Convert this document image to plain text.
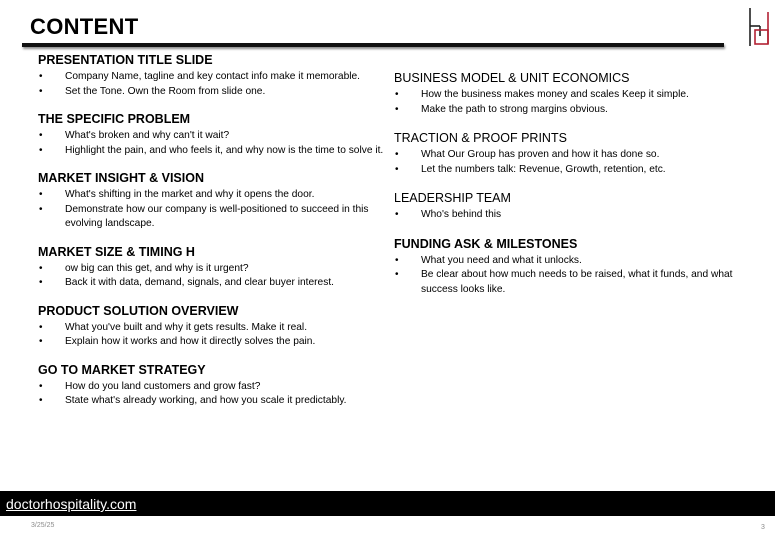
CONTENT
PRESENTATION TITLE SLIDE
• Company Name, tagline and key contact info make it memorable.
• Set the Tone. Own the Room from slide one.
THE SPECIFIC PROBLEM
• What's broken and why can't it wait?
• Highlight the pain, and who feels it, and why now is the time to solve it.
MARKET INSIGHT & VISION
• What's shifting in the market and why it opens the door.
• Demonstrate how our company is well-positioned to succeed in this evolving landscape.
MARKET SIZE & TIMING H
• ow big can this get, and why is it urgent?
• Back it with data, demand, signals, and clear buyer interest.
PRODUCT SOLUTION OVERVIEW
• What you've built and why it gets results. Make it real.
• Explain how it works and how it directly solves the pain.
GO TO MARKET STRATEGY
• How do you land customers and grow fast?
• State what's already working, and how you scale it predictably.
BUSINESS MODEL & UNIT ECONOMICS
• How the business makes money and scales Keep it simple.
• Make the path to strong margins obvious.
TRACTION & PROOF PRINTS
• What Our Group has proven and how it has done so.
• Let the numbers talk: Revenue, Growth, retention, etc.
LEADERSHIP TEAM
• Who's behind this
FUNDING ASK & MILESTONES
• What you need and what it unlocks.
• Be clear about how much needs to be raised, what it funds, and what success looks like.
doctorhospitality.com
3/25/25	3
